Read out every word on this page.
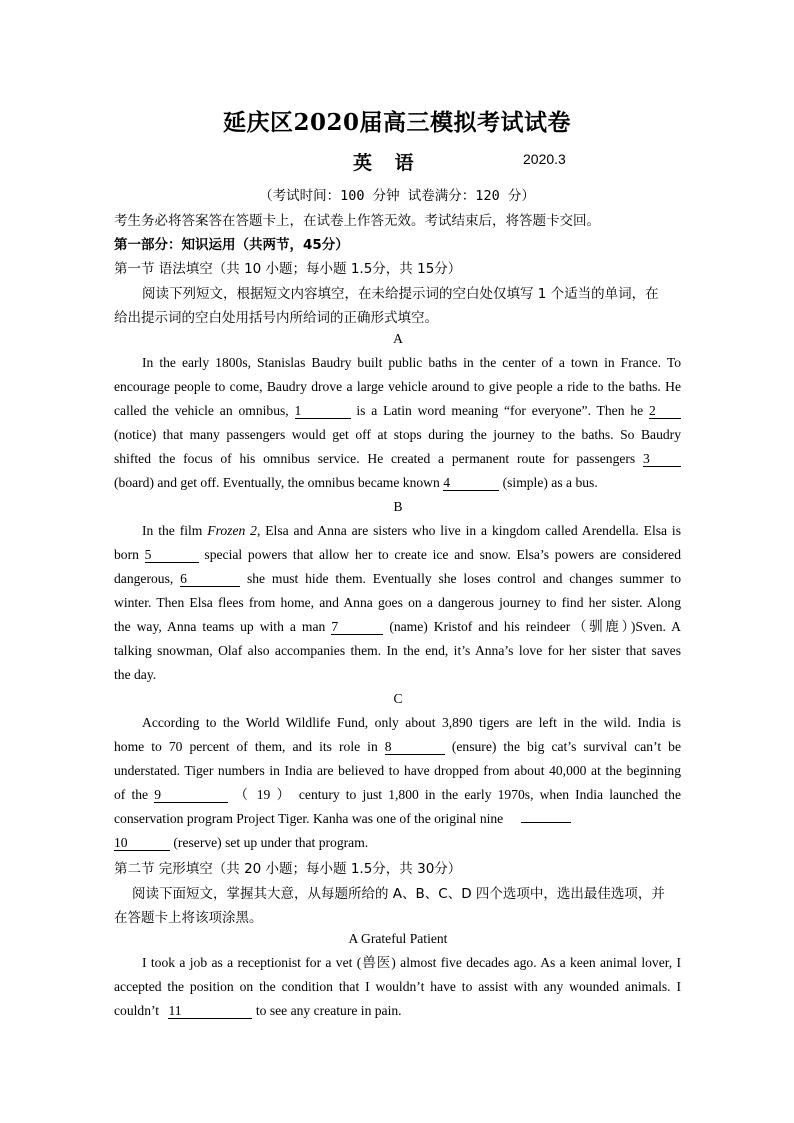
延庆区2020届高三模拟考试试卷
英 语	2020.3
（考试时间：100 分钟 试卷满分：120 分）
考生务必将答案答在答题卡上，在试卷上作答无效。考试结束后，将答题卡交回。
第一部分：知识运用（共两节，45分）
第一节 语法填空（共 10 小题；每小题 1.5分，共 15分）
阅读下列短文，根据短文内容填空，在未给提示词的空白处仅填写 1 个适当的单词，在
给出提示词的空白处用括号内所给词的正确形式填空。
A
In the early 1800s, Stanislas Baudry built public baths in the center of a town in France. To
encourage people to come, Baudry drove a large vehicle around to give people a ride to the baths. He
called the vehicle an omnibus, 1	is a Latin word meaning “for everyone”. Then he 2
(notice) that many passengers would get off at stops during the journey to the baths. So Baudry
shifted the focus of his omnibus service. He created a permanent route for passengers 3
(board) and get off. Eventually, the omnibus became known 4	(simple) as a bus.
B
In the film Frozen 2, Elsa and Anna are sisters who live in a kingdom called Arendella. Elsa is
born 5	special powers that allow her to create ice and snow. Elsa’s powers are considered
dangerous, 6	she must hide them. Eventually she loses control and changes summer to
winter. Then Elsa flees from home, and Anna goes on a dangerous journey to find her sister. Along
the way, Anna teams up with a man 7	(name) Kristof and his reindeer（驯鹿）)Sven. A
talking snowman, Olaf also accompanies them. In the end, it’s Anna’s love for her sister that saves
the day.
C
According to the World Wildlife Fund, only about 3,890 tigers are left in the wild. India is
home to 70 percent of them, and its role in 8	(ensure) the big cat’s survival can’t be
understated. Tiger numbers in India are believed to have dropped from about 40,000 at the beginning
of the 9	（ 19 ） century to just 1,800 in the early 1970s, when India launched the
conservation program Project Tiger. Kanha was one of the original nine
10	(reserve) set up under that program.
第二节 完形填空（共 20 小题；每小题 1.5分，共 30分）
阅读下面短文，掌握其大意，从每题所给的 A、B、C、D 四个选项中，选出最佳选项，并
在答题卡上将该项涂黑。
A Grateful Patient
I took a job as a receptionist for a vet (兽医) almost five decades ago. As a keen animal lover, I
accepted the position on the condition that I wouldn’t have to assist with any wounded animals. I
couldn’t 11	to see any creature in pain.
